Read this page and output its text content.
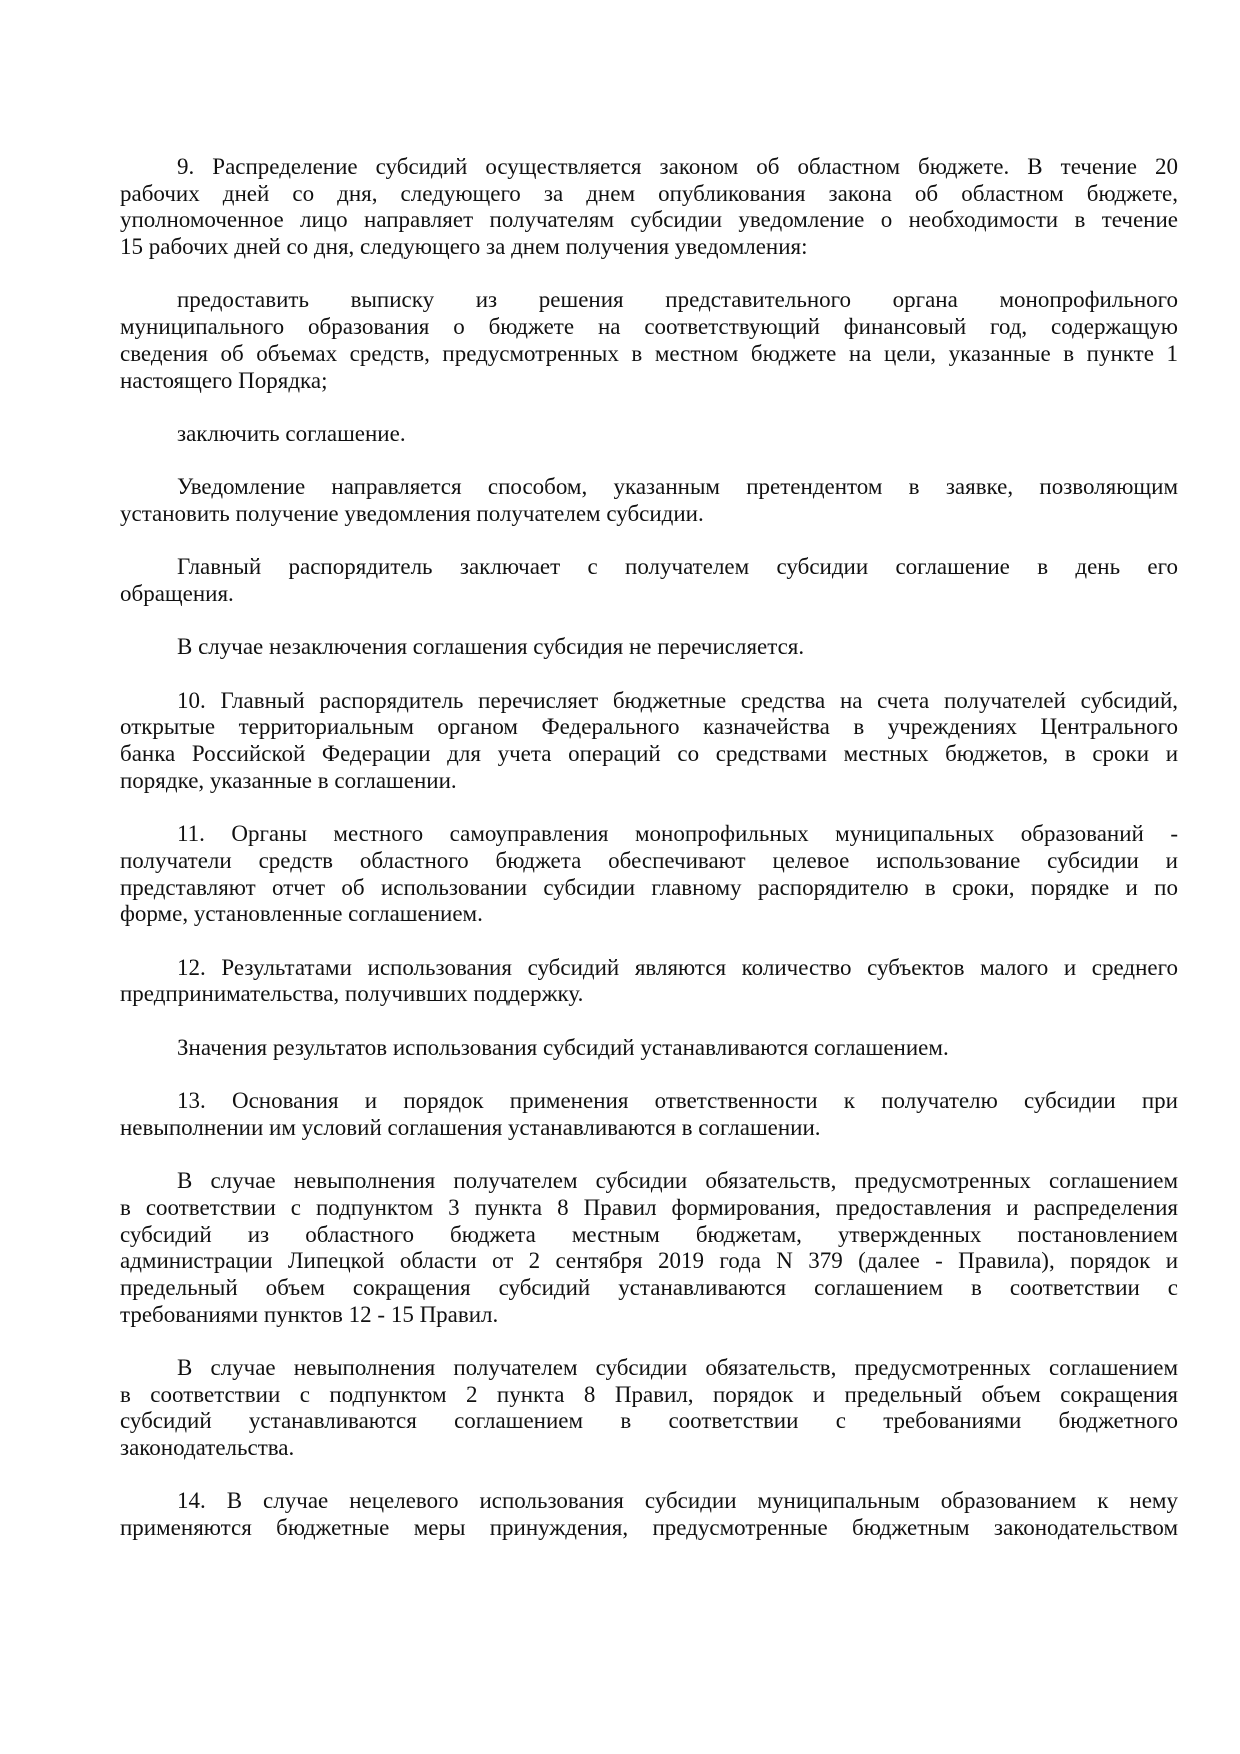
9. Распределение субсидий осуществляется законом об областном бюджете. В течение 20
рабочих дней со дня, следующего за днем опубликования закона об областном бюджете,
уполномоченное лицо направляет получателям субсидии уведомление о необходимости в течение
15 рабочих дней со дня, следующего за днем получения уведомления:
предоставить выписку из решения представительного органа монопрофильного
муниципального образования о бюджете на соответствующий финансовый год, содержащую
сведения об объемах средств, предусмотренных в местном бюджете на цели, указанные в пункте 1
настоящего Порядка;
заключить соглашение.
Уведомление направляется способом, указанным претендентом в заявке, позволяющим
установить получение уведомления получателем субсидии.
Главный распорядитель заключает с получателем субсидии соглашение в день его
обращения.
В случае незаключения соглашения субсидия не перечисляется.
10. Главный распорядитель перечисляет бюджетные средства на счета получателей субсидий,
открытые территориальным органом Федерального казначейства в учреждениях Центрального
банка Российской Федерации для учета операций со средствами местных бюджетов, в сроки и
порядке, указанные в соглашении.
11. Органы местного самоуправления монопрофильных муниципальных образований -
получатели средств областного бюджета обеспечивают целевое использование субсидии и
представляют отчет об использовании субсидии главному распорядителю в сроки, порядке и по
форме, установленные соглашением.
12. Результатами использования субсидий являются количество субъектов малого и среднего
предпринимательства, получивших поддержку.
Значения результатов использования субсидий устанавливаются соглашением.
13. Основания и порядок применения ответственности к получателю субсидии при
невыполнении им условий соглашения устанавливаются в соглашении.
В случае невыполнения получателем субсидии обязательств, предусмотренных соглашением
в соответствии с подпунктом 3 пункта 8 Правил формирования, предоставления и распределения
субсидий из областного бюджета местным бюджетам, утвержденных постановлением
администрации Липецкой области от 2 сентября 2019 года N 379 (далее - Правила), порядок и
предельный объем сокращения субсидий устанавливаются соглашением в соответствии с
требованиями пунктов 12 - 15 Правил.
В случае невыполнения получателем субсидии обязательств, предусмотренных соглашением
в соответствии с подпунктом 2 пункта 8 Правил, порядок и предельный объем сокращения
субсидий устанавливаются соглашением в соответствии с требованиями бюджетного
законодательства.
14. В случае нецелевого использования субсидии муниципальным образованием к нему
применяются бюджетные меры принуждения, предусмотренные бюджетным законодательством
